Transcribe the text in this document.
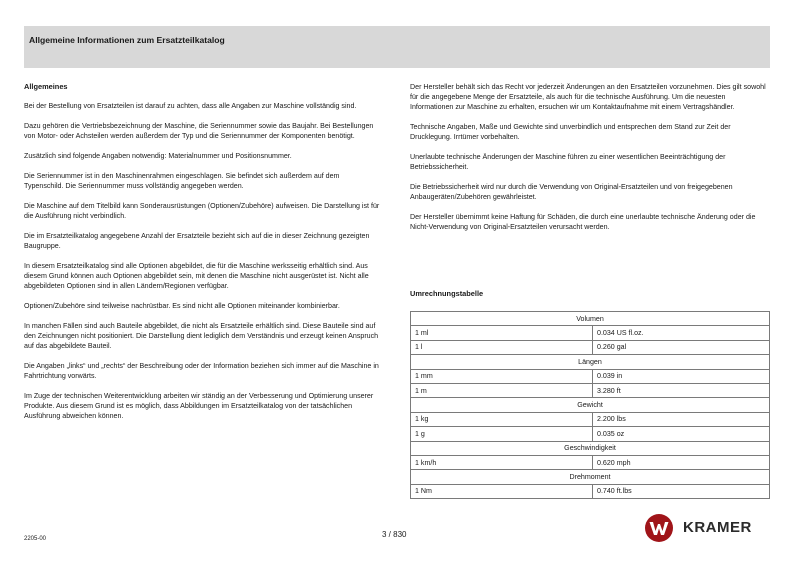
Allgemeine Informationen zum Ersatzteilkatalog

Allgemeines

Bei der Bestellung von Ersatzteilen ist darauf zu achten, dass alle Angaben zur Maschine vollständig sind.

Dazu gehören die Vertriebsbezeichnung der Maschine, die Seriennummer sowie das Baujahr. Bei Bestellungen von Motor- oder Achsteilen werden außerdem der Typ und die Seriennummer der Komponenten benötigt.

Zusätzlich sind folgende Angaben notwendig: Materialnummer und Positionsnummer.

Die Seriennummer ist in den Maschinenrahmen eingeschlagen. Sie befindet sich außerdem auf dem Typenschild. Die Seriennummer muss vollständig angegeben werden.

Die Maschine auf dem Titelbild kann Sonderausrüstungen (Optionen/Zubehöre) aufweisen. Die Darstellung ist für die Ausführung nicht verbindlich.

Die im Ersatzteilkatalog angegebene Anzahl der Ersatzteile bezieht sich auf die in dieser Zeichnung gezeigten Baugruppe.

In diesem Ersatzteilkatalog sind alle Optionen abgebildet, die für die Maschine werksseitig erhältlich sind. Aus diesem Grund können auch Optionen abgebildet sein, mit denen die Maschine nicht ausgerüstet ist. Nicht alle abgebildeten Optionen sind in allen Ländern/Regionen verfügbar.

Optionen/Zubehöre sind teilweise nachrüstbar. Es sind nicht alle Optionen miteinander kombinierbar.

In manchen Fällen sind auch Bauteile abgebildet, die nicht als Ersatzteile erhältlich sind. Diese Bauteile sind auf den Zeichnungen nicht positioniert. Die Darstellung dient lediglich dem Verständnis und erzeugt keinen Anspruch auf das abgebildete Bauteil.

Die Angaben „links“ und „rechts“ der Beschreibung oder der Information beziehen sich immer auf die Maschine in Fahrtrichtung vorwärts.

Im Zuge der technischen Weiterentwicklung arbeiten wir ständig an der Verbesserung und Optimierung unserer Produkte. Aus diesem Grund ist es möglich, dass Abbildungen im Ersatzteilkatalog von der tatsächlichen Ausführung abweichen können.

Der Hersteller behält sich das Recht vor jederzeit Änderungen an den Ersatzteilen vorzunehmen. Dies gilt sowohl für die angegebene Menge der Ersatzteile, als auch für die technische Ausführung. Um die neuesten Informationen zur Maschine zu erhalten, ersuchen wir um Kontaktaufnahme mit einem Vertragshändler.

Technische Angaben, Maße und Gewichte sind unverbindlich und entsprechen dem Stand zur Zeit der Drucklegung. Irrtümer vorbehalten.

Unerlaubte technische Änderungen der Maschine führen zu einer wesentlichen Beeinträchtigung der Betriebssicherheit.

Die Betriebssicherheit wird nur durch die Verwendung von Original-Ersatzteilen und von freigegebenen Anbaugeräten/Zubehören gewährleistet.

Der Hersteller übernimmt keine Haftung für Schäden, die durch eine unerlaubte technische Änderung oder die Nicht-Verwendung von Original-Ersatzteilen verursacht werden.

Umrechnungstabelle
Volumen	
1 ml	0.034 US fl.oz.
1 l	0.260 gal
Längen	
1 mm	0.039 in
1 m	3.280 ft
Gewicht	
1 kg	2.200 lbs
1 g	0.035 oz
Geschwindigkeit	
1 km/h	0.620 mph
Drehmoment	
1 Nm	0.740 ft.lbs
2205-00	3 / 830	KRAMER
